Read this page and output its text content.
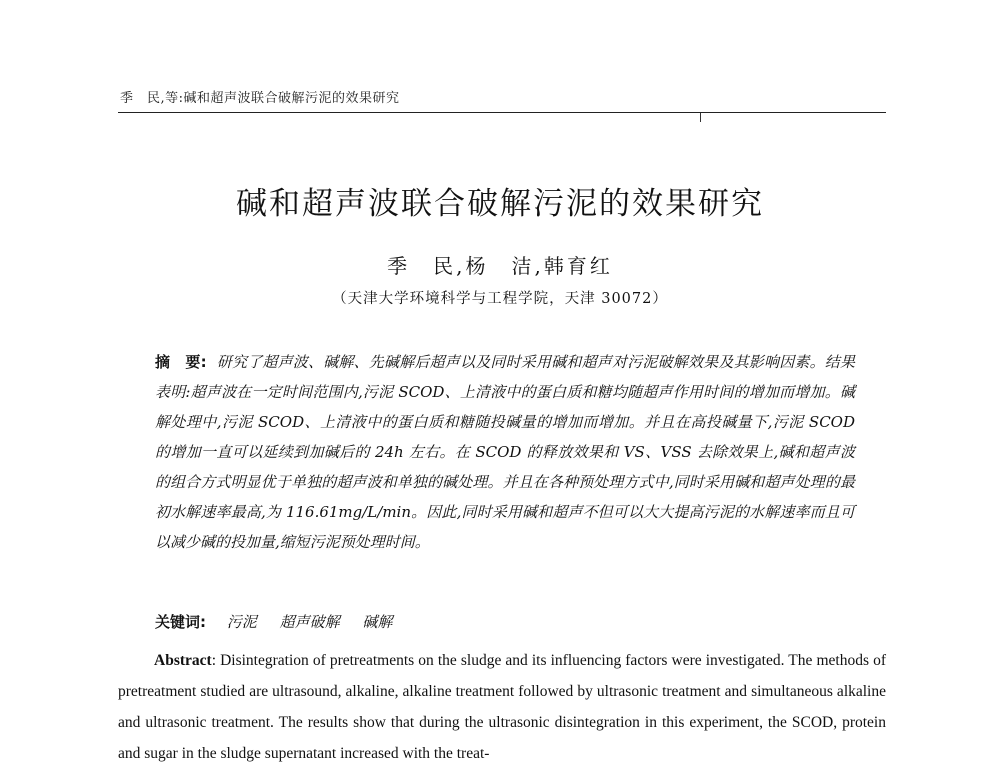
季　民,等:碱和超声波联合破解污泥的效果研究
碱和超声波联合破解污泥的效果研究
季　民,杨　洁,韩育红
（天津大学环境科学与工程学院，天津 30072）
摘　要: 研究了超声波、碱解、先碱解后超声以及同时采用碱和超声对污泥破解效果及其影响因素。结果表明:超声波在一定时间范围内,污泥 SCOD、上清液中的蛋白质和糖均随超声作用时间的增加而增加。碱解处理中,污泥 SCOD、上清液中的蛋白质和糖随投碱量的增加而增加。并且在高投碱量下,污泥 SCOD 的增加一直可以延续到加碱后的 24h 左右。在 SCOD 的释放效果和 VS、VSS 去除效果上,碱和超声波的组合方式明显优于单独的超声波和单独的碱处理。并且在各种预处理方式中,同时采用碱和超声处理的最初水解速率最高,为 116.61mg/L/min。因此,同时采用碱和超声不但可以大大提高污泥的水解速率而且可以减少碱的投加量,缩短污泥预处理时间。
关键词: 污泥 超声破解 碱解
Abstract: Disintegration of pretreatments on the sludge and its influencing factors were investigated. The methods of pretreatment studied are ultrasound, alkaline, alkaline treatment followed by ultrasonic treatment and simultaneous alkaline and ultrasonic treatment. The results show that during the ultrasonic disintegration in this experiment, the SCOD, protein and sugar in the sludge supernatant increased with the treat-
